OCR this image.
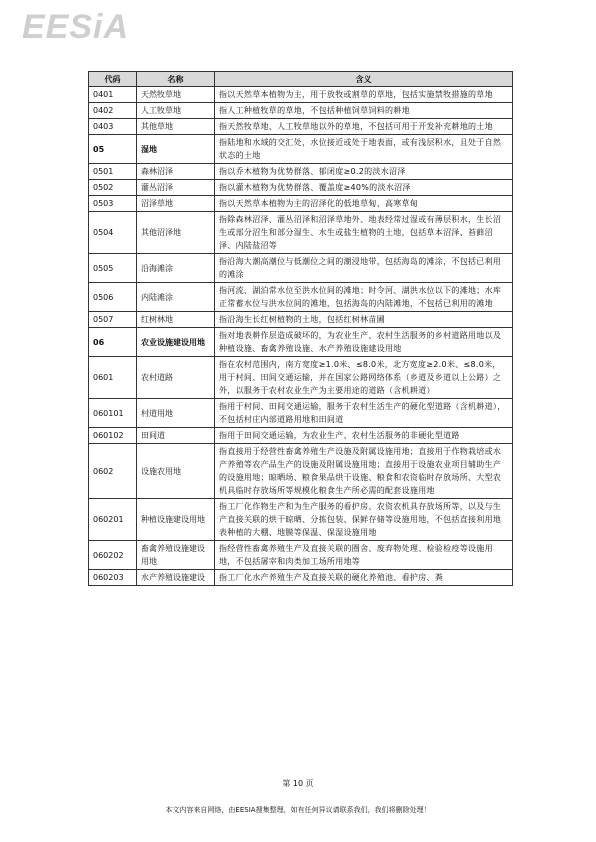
EESiA
代码	名称	含义
0401	天然牧草地	指以天然草本植物为主，用于放牧或割草的草地，包括实施禁牧措施的草地
0402	人工牧草地	指人工种植牧草的草地，不包括种植饲草饲料的耕地
0403	其他草地	指天然牧草地、人工牧草地以外的草地，不包括可用于开发补充耕地的土地
05	湿地	指陆地和水域的交汇处，水位接近或处于地表面，或有浅层积水，且处于自然状态的土地
0501	森林沼泽	指以乔木植物为优势群落、郁闭度≥0.2的淡水沼泽
0502	灌丛沼泽	指以灌木植物为优势群落、覆盖度≥40%的淡水沼泽
0503	沼泽草地	指以天然草本植物为主的沼泽化的低地草甸、高寒草甸
0504	其他沼泽地	指除森林沼泽、灌丛沼泽和沼泽草地外、地表经常过湿或有薄层积水，生长沼生或部分沼生和部分湿生、水生或盐生植物的土地，包括草本沼泽、苔藓沼泽、内陆盐沼等
0505	沿海滩涂	指沿海大潮高潮位与低潮位之间的潮浸地带，包括海岛的滩涂，不包括已利用的滩涂
0506	内陆滩涂	指河流、湖泊常水位至洪水位间的滩地；时令河、湖洪水位以下的滩地；水库正常蓄水位与洪水位间的滩地，包括海岛的内陆滩地，不包括已利用的滩地
0507	红树林地	指沿海生长红树植物的土地，包括红树林苗圃
06	农业设施建设用地	指对地表耕作层造成破坏的，为农业生产、农村生活服务的乡村道路用地以及种植设施、畜禽养殖设施、水产养殖设施建设用地
0601	农村道路	指在农村范围内，南方宽度≥1.0米、≤8.0米，北方宽度≥2.0米、≤8.0米，用于村间、田间交通运输，并在国家公路网络体系（乡道及乡道以上公路）之外，以服务于农村农业生产为主要用途的道路（含机耕道）
060101	村道用地	指用于村间、田间交通运输，服务于农村生活生产的硬化型道路（含机耕道），不包括村庄内部道路用地和田间道
060102	田间道	指用于田间交通运输，为农业生产、农村生活服务的非硬化型道路
0602	设施农用地	指直接用于经营性畜禽养殖生产设施及附属设施用地；直接用于作物栽培或水产养殖等农产品生产的设施及附属设施用地；直接用于设施农业项目辅助生产的设施用地；晾晒场、粮食果品烘干设施、粮食和农资临时存放场所、大型农机具临时存放场所等规模化粮食生产所必需的配套设施用地
060201	种植设施建设用地	指工厂化作物生产和为生产服务的看护房、农资农机具存放场所等，以及与生产直接关联的烘干晾晒、分拣包装、保鲜存储等设施用地，不包括直接利用地表种植的大棚、地膜等保温、保湿设施用地
060202	畜禽养殖设施建设用地	指经营性畜禽养殖生产及直接关联的圈舍、废弃物处理、检验检疫等设施用地，不包括屠宰和肉类加工场所用地等
060203	水产养殖设施建设	指工厂化水产养殖生产及直接关联的硬化养殖池、看护房、粪
第 10 页
本文内容来自网络，由EESIA搜集整理，如有任何异议请联系我们，我们将删除处理！
